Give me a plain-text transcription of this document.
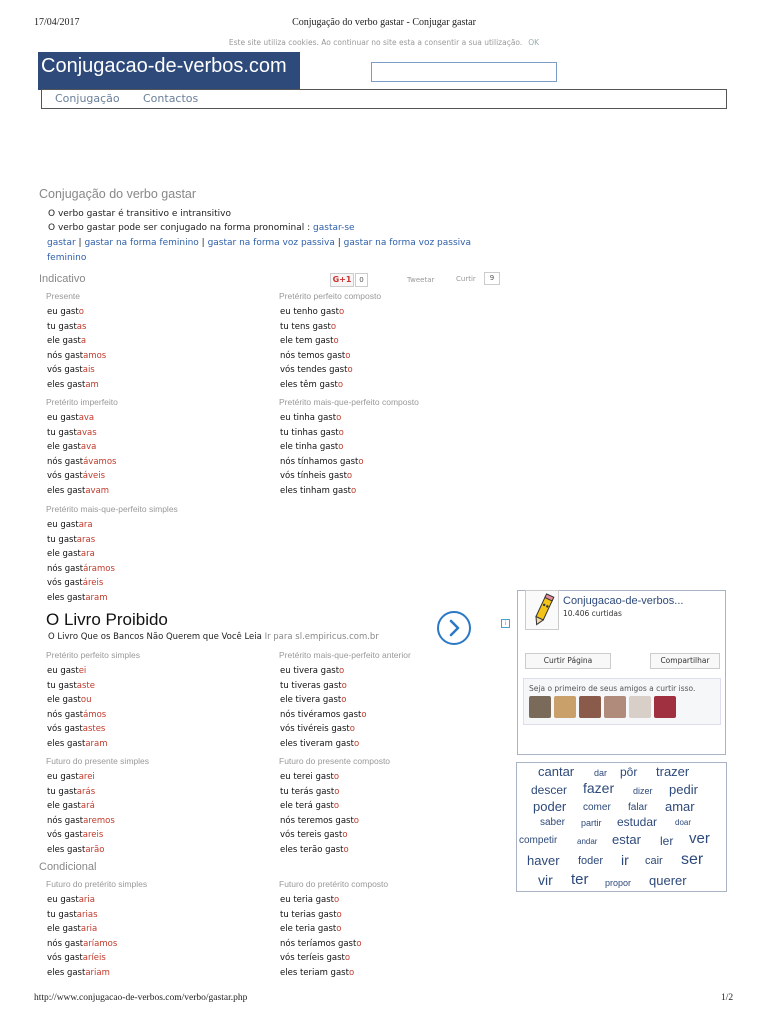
17/04/2017	Conjugação do verbo gastar - Conjugar gastar
Este site utiliza cookies. Ao continuar no site esta a consentir a sua utilização. OK
Conjugacao-de-verbos.com
Conjugação Contactos
Conjugação do verbo gastar
O verbo gastar é transitivo e intransitivo
O verbo gastar pode ser conjugado na forma pronominal : gastar-se
gastar | gastar na forma feminino | gastar na forma voz passiva | gastar na forma voz passiva feminino
G+1	0	Tweetar	Curtir	9
Indicativo
Condicional
Presente
eu gasto
tu gastas
ele gasta
nós gastamos
vós gastais
eles gastam
Pretérito perfeito composto
eu tenho gasto
tu tens gasto
ele tem gasto
nós temos gasto
vós tendes gasto
eles têm gasto
Pretérito imperfeito
eu gastava
tu gastavas
ele gastava
nós gastávamos
vós gastáveis
eles gastavam
Pretérito mais-que-perfeito composto
eu tinha gasto
tu tinhas gasto
ele tinha gasto
nós tínhamos gasto
vós tínheis gasto
eles tinham gasto
Pretérito mais-que-perfeito simples
eu gastara
tu gastaras
ele gastara
nós gastáramos
vós gastáreis
eles gastaram
Pretérito perfeito simples
eu gastei
tu gastaste
ele gastou
nós gastámos
vós gastastes
eles gastaram
Pretérito mais-que-perfeito anterior
eu tivera gasto
tu tiveras gasto
ele tivera gasto
nós tivéramos gasto
vós tivéreis gasto
eles tiveram gasto
Futuro do presente simples
eu gastarei
tu gastarás
ele gastará
nós gastaremos
vós gastareis
eles gastarão
Futuro do presente composto
eu terei gasto
tu terás gasto
ele terá gasto
nós teremos gasto
vós tereis gasto
eles terão gasto
Futuro do pretérito simples
eu gastaria
tu gastarias
ele gastaria
nós gastaríamos
vós gastaríeis
eles gastariam
Futuro do pretérito composto
eu teria gasto
tu terias gasto
ele teria gasto
nós teríamos gasto
vós teríeis gasto
eles teriam gasto
O Livro Proibido
O Livro Que os Bancos Não Querem que Você Leia Ir para sl.empiricus.com.br
i
Conjugacao-de-verbos...
10.406 curtidas
Curtir Página	Compartilhar
Seja o primeiro de seus amigos a curtir isso.
cantar dar pôr trazer
descer fazer dizer pedir
poder comer falar amar
saber partir estudar doar
competir andar estar ler ver
haver foder ir cair ser
vir ter propor querer
http://www.conjugacao-de-verbos.com/verbo/gastar.php	1/2
